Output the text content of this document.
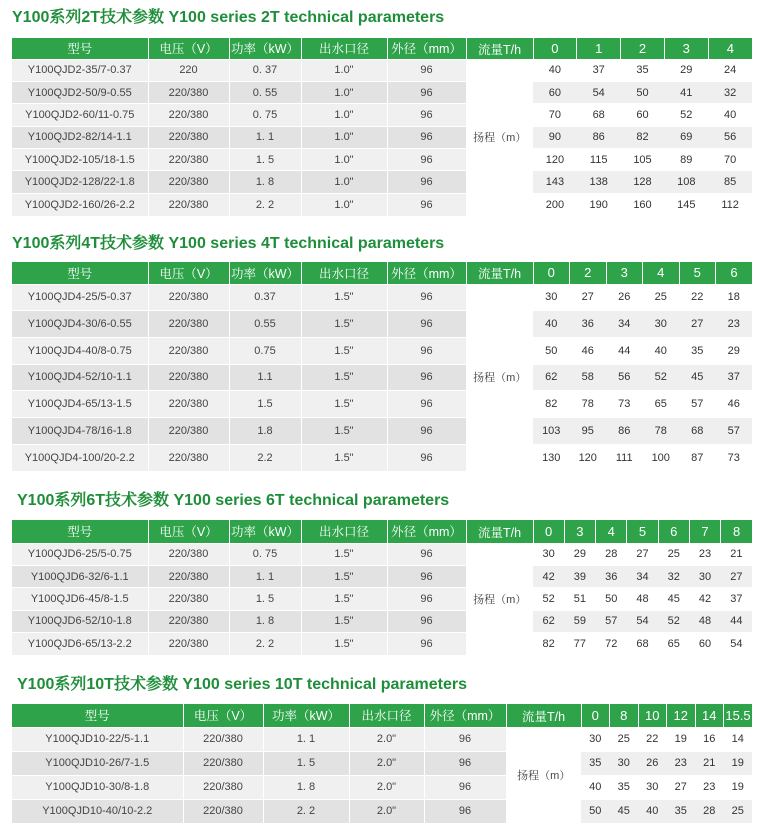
Y100系列2T技术参数 Y100 series 2T technical parameters
型号	电压（V）	功率（kW）	出水口径	外径（mm）	流量T/h	0	1	2	3	4
Y100QJD2-35/7-0.37	220	0. 37	1.0"	96	扬程（m）	40	37	35	29	24
Y100QJD2-50/9-0.55	220/380	0. 55	1.0"	96		60	54	50	41	32
Y100QJD2-60/11-0.75	220/380	0. 75	1.0"	96		70	68	60	52	40
Y100QJD2-82/14-1.1	220/380	1. 1	1.0"	96		90	86	82	69	56
Y100QJD2-105/18-1.5	220/380	1. 5	1.0"	96		120	115	105	89	70
Y100QJD2-128/22-1.8	220/380	1. 8	1.0"	96		143	138	128	108	85
Y100QJD2-160/26-2.2	220/380	2. 2	1.0"	96		200	190	160	145	112
Y100系列4T技术参数 Y100 series 4T technical parameters
型号	电压（V）	功率（kW）	出水口径	外径（mm）	流量T/h	0	2	3	4	5	6
Y100QJD4-25/5-0.37	220/380	0.37	1.5"	96	扬程（m）	30	27	26	25	22	18
Y100QJD4-30/6-0.55	220/380	0.55	1.5"	96		40	36	34	30	27	23
Y100QJD4-40/8-0.75	220/380	0.75	1.5"	96		50	46	44	40	35	29
Y100QJD4-52/10-1.1	220/380	1.1	1.5"	96		62	58	56	52	45	37
Y100QJD4-65/13-1.5	220/380	1.5	1.5"	96		82	78	73	65	57	46
Y100QJD4-78/16-1.8	220/380	1.8	1.5"	96		103	95	86	78	68	57
Y100QJD4-100/20-2.2	220/380	2.2	1.5"	96		130	120	111	100	87	73
Y100系列6T技术参数 Y100 series 6T technical parameters
型号	电压（V）	功率（kW）	出水口径	外径（mm）	流量T/h	0	3	4	5	6	7	8
Y100QJD6-25/5-0.75	220/380	0. 75	1.5"	96	扬程（m）	30	29	28	27	25	23	21
Y100QJD6-32/6-1.1	220/380	1. 1	1.5"	96		42	39	36	34	32	30	27
Y100QJD6-45/8-1.5	220/380	1. 5	1.5"	96		52	51	50	48	45	42	37
Y100QJD6-52/10-1.8	220/380	1. 8	1.5"	96		62	59	57	54	52	48	44
Y100QJD6-65/13-2.2	220/380	2. 2	1.5"	96		82	77	72	68	65	60	54
Y100系列10T技术参数 Y100 series 10T technical parameters
型号	电压（V）	功率（kW）	出水口径	外径（mm）	流量T/h	0	8	10	12	14	15.5
Y100QJD10-22/5-1.1	220/380	1. 1	2.0"	96	扬程（m）	30	25	22	19	16	14
Y100QJD10-26/7-1.5	220/380	1. 5	2.0"	96		35	30	26	23	21	19
Y100QJD10-30/8-1.8	220/380	1. 8	2.0"	96		40	35	30	27	23	19
Y100QJD10-40/10-2.2	220/380	2. 2	2.0"	96		50	45	40	35	28	25
